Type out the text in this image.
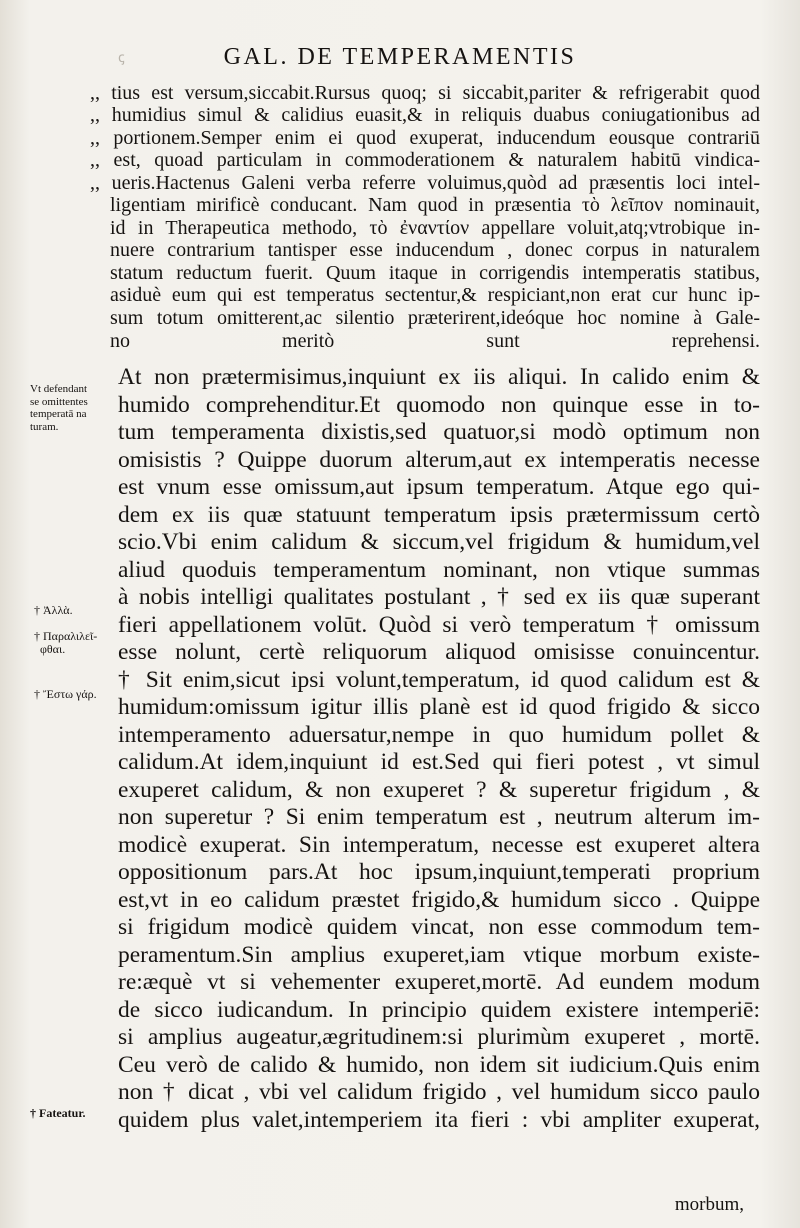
ꞔ	GAL. DE TEMPERAMENTIS
,, tius est versum,siccabit.Rursus quoq; si siccabit,pariter & refrigerabit quod
,, humidius simul & calidius euasit,& in reliquis duabus coniugationibus ad
,, portionem.Semper enim ei quod exuperat, inducendum eousque contrariū
,, est, quoad particulam in commoderationem & naturalem habitū vindica-
,, ueris.Hactenus Galeni verba referre voluimus,quòd ad præsentis loci intel-
ligentiam mirificè conducant. Nam quod in præsentia τὸ λεῖπον nominauit,
id in Therapeutica methodo, τὸ ἐναντίον appellare voluit,atq;vtrobique in-
nuere contrarium tantisper esse inducendum , donec corpus in naturalem
statum reductum fuerit. Quum itaque in corrigendis intemperatis statibus,
asiduè eum qui est temperatus sectentur,& respiciant,non erat cur hunc ip-
sum totum omitterent,ac silentio præterirent,ideóque hoc nomine à Gale-
no meritò sunt reprehensi.
At non prætermisimus,inquiunt ex iis aliqui. In calido enim &
humido comprehenditur.Et quomodo non quinque esse in to-
tum temperamenta dixistis,sed quatuor,si modò optimum non
omisistis ? Quippe duorum alterum,aut ex intemperatis necesse
est vnum esse omissum,aut ipsum temperatum. Atque ego qui-
dem ex iis quæ statuunt temperatum ipsis prætermissum certò
scio.Vbi enim calidum & siccum,vel frigidum & humidum,vel
aliud quoduis temperamentum nominant, non vtique summas
à nobis intelligi qualitates postulant , † sed ex iis quæ superant
fieri appellationem volūt. Quòd si verò temperatum † omissum
esse nolunt, certè reliquorum aliquod omisisse conuincentur.
† Sit enim,sicut ipsi volunt,temperatum, id quod calidum est &
humidum:omissum igitur illis planè est id quod frigido & sicco
intemperamento aduersatur,nempe in quo humidum pollet &
calidum.At idem,inquiunt id est.Sed qui fieri potest , vt simul
exuperet calidum, & non exuperet ? & superetur frigidum , &
non superetur ? Si enim temperatum est , neutrum alterum im-
modicè exuperat. Sin intemperatum, necesse est exuperet altera
oppositionum pars.At hoc ipsum,inquiunt,temperati proprium
est,vt in eo calidum præstet frigido,& humidum sicco . Quippe
si frigidum modicè quidem vincat, non esse commodum tem-
peramentum.Sin amplius exuperet,iam vtique morbum existe-
re:æquè vt si vehementer exuperet,mortē. Ad eundem modum
de sicco iudicandum. In principio quidem existere intemperiē:
si amplius augeatur,ægritudinem:si plurimùm exuperet , mortē.
Ceu verò de calido & humido, non idem sit iudicium.Quis enim
non † dicat , vbi vel calidum frigido , vel humidum sicco paulo
quidem plus valet,intemperiem ita fieri : vbi ampliter exuperat,
Vt defendant
se omittentes
temperatā na
turam.
† Ἀλλὰ.
† Παραλιλεῖ-
φθαι.
† Ἔστω γάρ.
† Fateatur.
morbum,
